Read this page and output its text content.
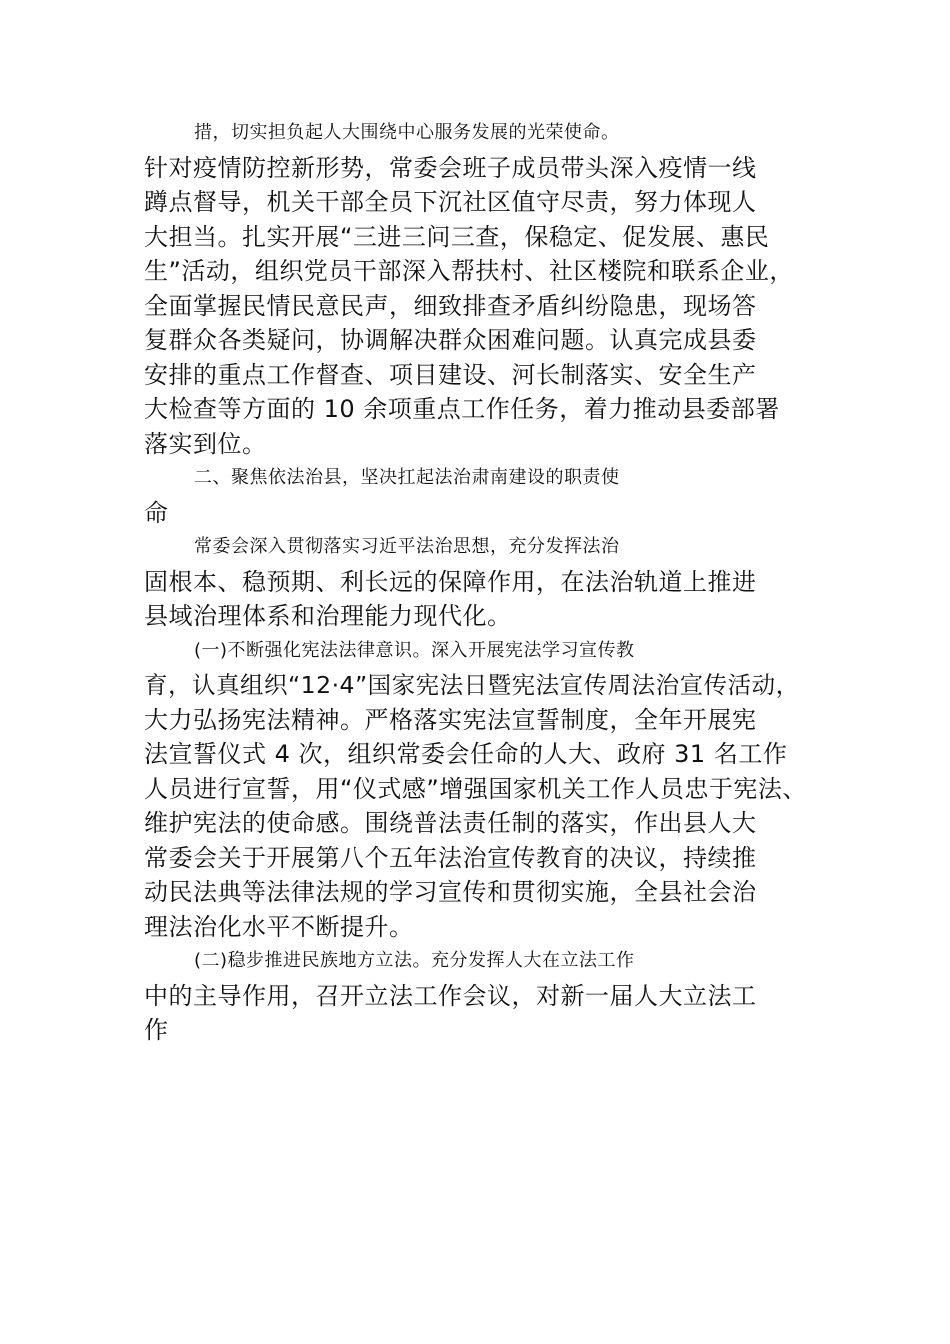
措，切实担负起人大围绕中心服务发展的光荣使命。
针对疫情防控新形势，常委会班子成员带头深入疫情一线
蹲点督导，机关干部全员下沉社区值守尽责，努力体现人
大担当。扎实开展“三进三问三查，保稳定、促发展、惠民
生”活动，组织党员干部深入帮扶村、社区楼院和联系企业，
全面掌握民情民意民声，细致排查矛盾纠纷隐患，现场答
复群众各类疑问，协调解决群众困难问题。认真完成县委
安排的重点工作督查、项目建设、河长制落实、安全生产
大检查等方面的 10 余项重点工作任务，着力推动县委部署
落实到位。
二、聚焦依法治县，坚决扛起法治肃南建设的职责使
命
常委会深入贯彻落实习近平法治思想，充分发挥法治
固根本、稳预期、利长远的保障作用，在法治轨道上推进
县域治理体系和治理能力现代化。
(一)不断强化宪法法律意识。深入开展宪法学习宣传教
育，认真组织“12·4”国家宪法日暨宪法宣传周法治宣传活动，
大力弘扬宪法精神。严格落实宪法宣誓制度，全年开展宪
法宣誓仪式 4 次，组织常委会任命的人大、政府 31 名工作
人员进行宣誓，用“仪式感”增强国家机关工作人员忠于宪法、
维护宪法的使命感。围绕普法责任制的落实，作出县人大
常委会关于开展第八个五年法治宣传教育的决议，持续推
动民法典等法律法规的学习宣传和贯彻实施，全县社会治
理法治化水平不断提升。
(二)稳步推进民族地方立法。充分发挥人大在立法工作
中的主导作用，召开立法工作会议，对新一届人大立法工
作
